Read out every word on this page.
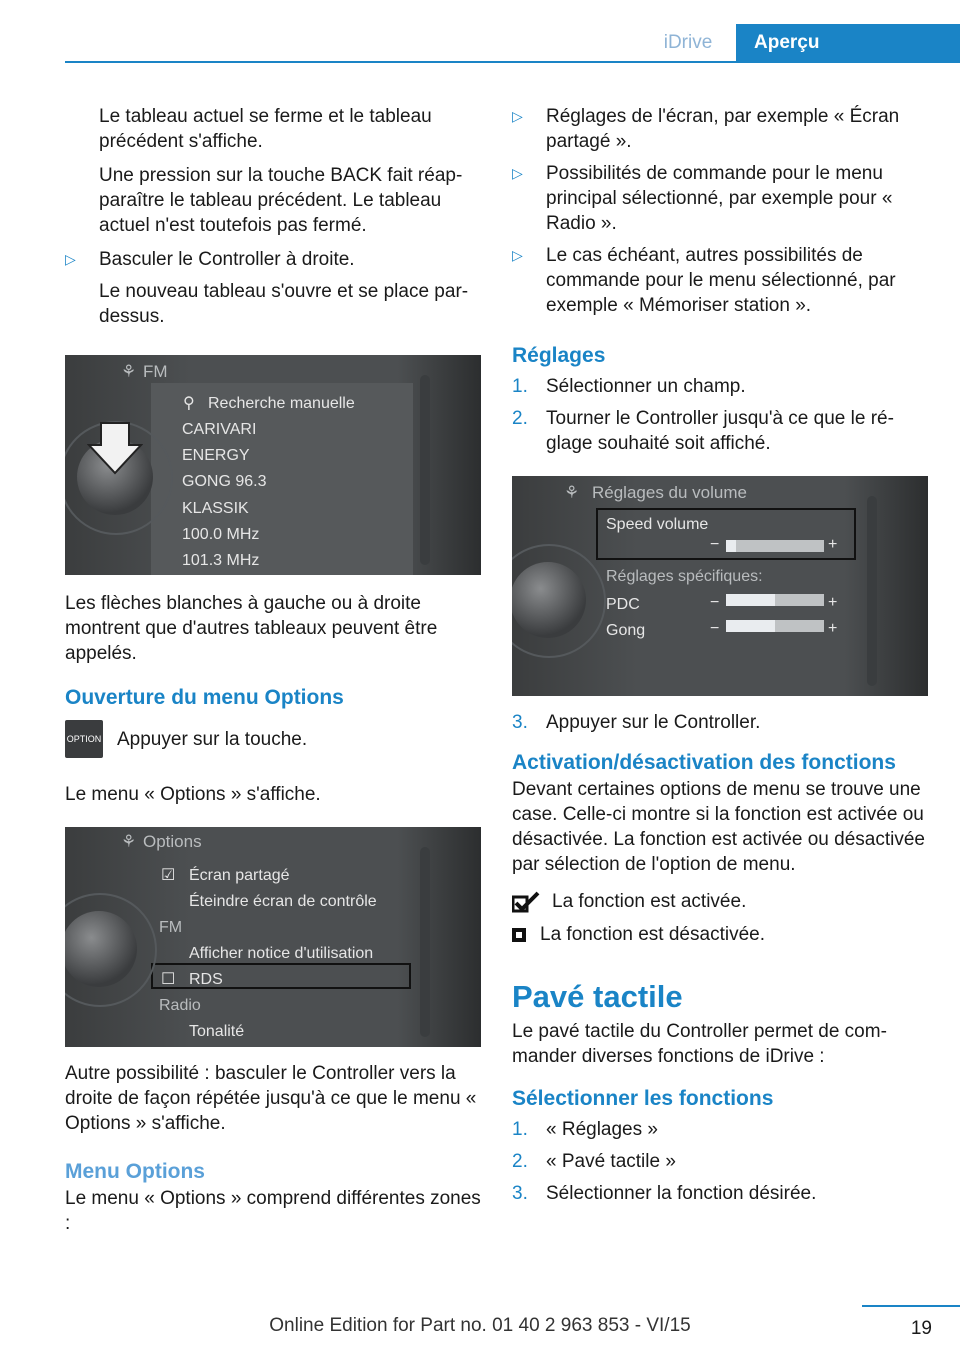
iDrive	Aperçu

Le tableau actuel se ferme et le tableau précédent s'affiche.

Une pression sur la touche BACK fait réapparaître le tableau précédent. Le tableau actuel n'est toutefois pas fermé.

▷	Basculer le Controller à droite.

Le nouveau tableau s'ouvre et se place par-dessus.

⚘ FM
⚲ Recherche manuelle
CARIVARI
ENERGY
GONG 96.3
KLASSIK
100.0 MHz
101.3 MHz

Les flèches blanches à gauche ou à droite montrent que d'autres tableaux peuvent être appelés.

Ouverture du menu Options
OPTION Appuyer sur la touche.

Le menu « Options » s'affiche.

⚘ Options
☑ Écran partagé
Éteindre écran de contrôle
FM
Afficher notice d'utilisation
☐ RDS
Radio
Tonalité

Autre possibilité : basculer le Controller vers la droite de façon répétée jusqu'à ce que le menu « Options » s'affiche.

Menu Options

Le menu « Options » comprend différentes zones :

▷	Réglages de l'écran, par exemple « Écran partagé ».
▷	Possibilités de commande pour le menu principal sélectionné, par exemple pour « Radio ».
▷	Le cas échéant, autres possibilités de commande pour le menu sélectionné, par exemple « Mémoriser station ».
Réglages
1. Sélectionner un champ.
2. Tourner le Controller jusqu'à ce que le réglage souhaité soit affiché.
⚘ Réglages du volume
Speed volume
−	+
Réglages spécifiques:
PDC	−	+
Gong	−	+
3. Appuyer sur le Controller.
Activation/désactivation des fonctions

Devant certaines options de menu se trouve une case. Celle-ci montre si la fonction est activée ou désactivée. La fonction est activée ou désactivée par sélection de l'option de menu.

La fonction est activée.
La fonction est désactivée.
Pavé tactile

Le pavé tactile du Controller permet de commander diverses fonctions de iDrive :

Sélectionner les fonctions
1. « Réglages »
2. « Pavé tactile »
3. Sélectionner la fonction désirée.
19
Online Edition for Part no. 01 40 2 963 853 - VI/15
